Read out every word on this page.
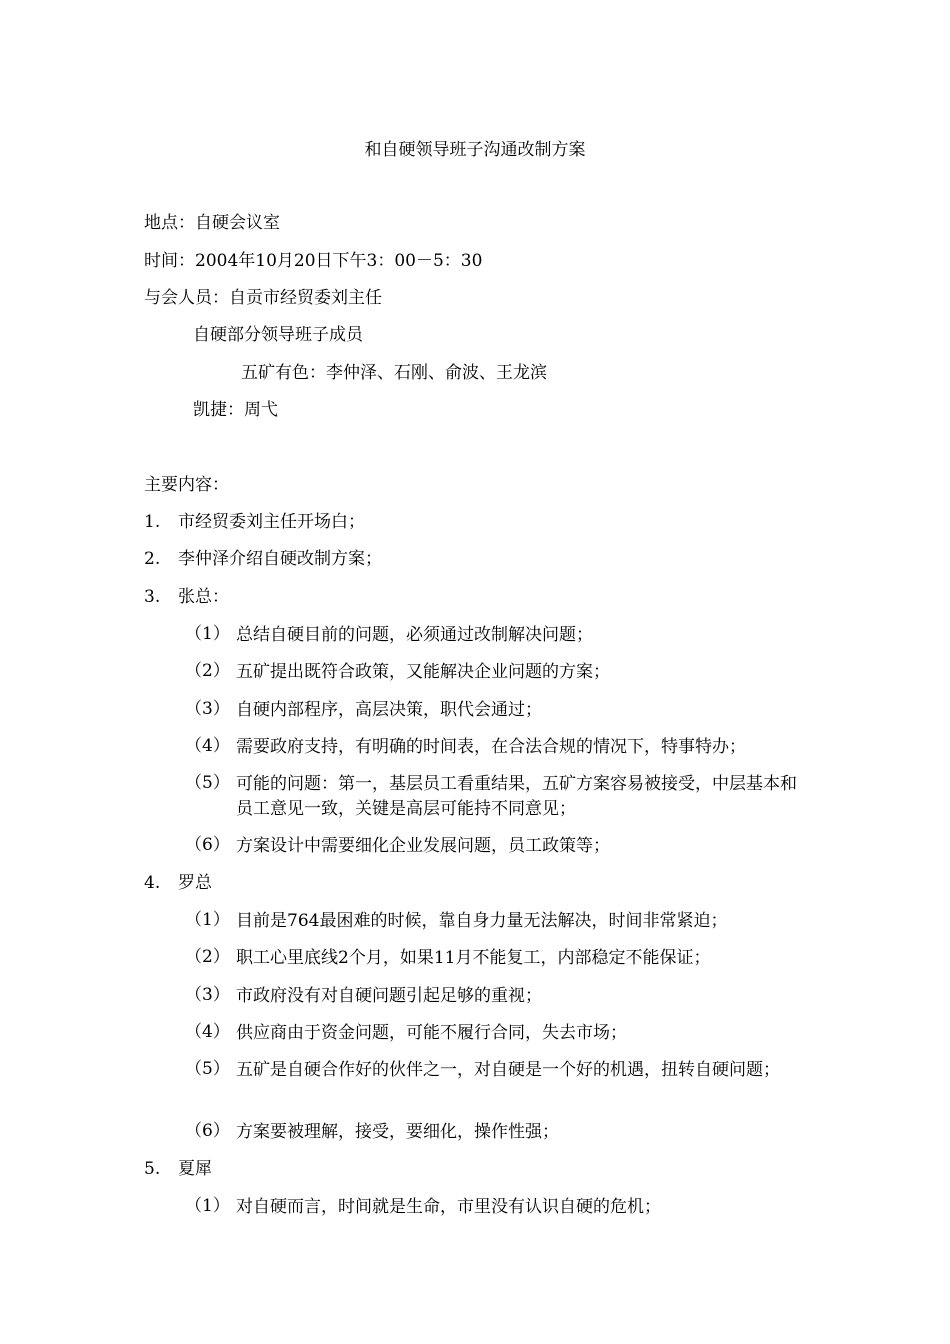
和自硬领导班子沟通改制方案
地点：自硬会议室
时间：2004年10月20日下午3：00－5：30
与会人员：自贡市经贸委刘主任
自硬部分领导班子成员
五矿有色：李仲泽、石刚、俞波、王龙滨
凯捷：周弋
主要内容：
1. 市经贸委刘主任开场白；
2. 李仲泽介绍自硬改制方案；
3. 张总：
（1） 总结自硬目前的问题，必须通过改制解决问题；
（2） 五矿提出既符合政策，又能解决企业问题的方案；
（3） 自硬内部程序，高层决策，职代会通过；
（4） 需要政府支持，有明确的时间表，在合法合规的情况下，特事特办；
（5） 可能的问题：第一，基层员工看重结果，五矿方案容易被接受，中层基本和员工意见一致，关键是高层可能持不同意见；
（6） 方案设计中需要细化企业发展问题，员工政策等；
4. 罗总
（1） 目前是764最困难的时候，靠自身力量无法解决，时间非常紧迫；
（2） 职工心里底线2个月，如果11月不能复工，内部稳定不能保证；
（3） 市政府没有对自硬问题引起足够的重视；
（4） 供应商由于资金问题，可能不履行合同，失去市场；
（5） 五矿是自硬合作好的伙伴之一，对自硬是一个好的机遇，扭转自硬问题；
（6） 方案要被理解，接受，要细化，操作性强；
5. 夏犀
（1） 对自硬而言，时间就是生命，市里没有认识自硬的危机；
